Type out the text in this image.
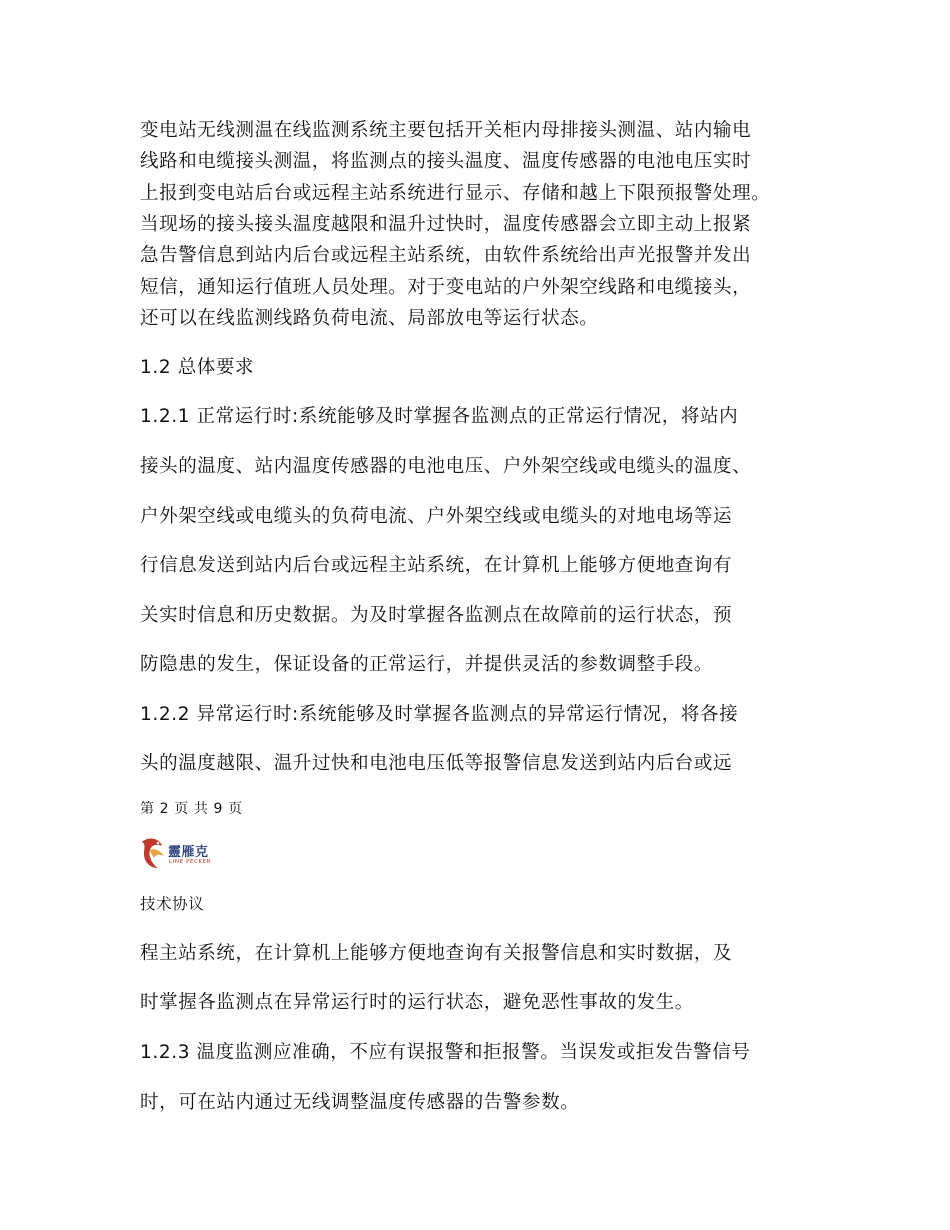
变电站无线测温在线监测系统主要包括开关柜内母排接头测温、站内输电
线路和电缆接头测温，将监测点的接头温度、温度传感器的电池电压实时
上报到变电站后台或远程主站系统进行显示、存储和越上下限预报警处理。
当现场的接头接头温度越限和温升过快时，温度传感器会立即主动上报紧
急告警信息到站内后台或远程主站系统，由软件系统给出声光报警并发出
短信，通知运行值班人员处理。对于变电站的户外架空线路和电缆接头，
还可以在线监测线路负荷电流、局部放电等运行状态。
1.2 总体要求
1.2.1 正常运行时:系统能够及时掌握各监测点的正常运行情况，将站内
接头的温度、站内温度传感器的电池电压、户外架空线或电缆头的温度、
户外架空线或电缆头的负荷电流、户外架空线或电缆头的对地电场等运
行信息发送到站内后台或远程主站系统，在计算机上能够方便地查询有
关实时信息和历史数据。为及时掌握各监测点在故障前的运行状态，预
防隐患的发生，保证设备的正常运行，并提供灵活的参数调整手段。
1.2.2 异常运行时:系统能够及时掌握各监测点的异常运行情况，将各接
头的温度越限、温升过快和电池电压低等报警信息发送到站内后台或远
第 2 页 共 9 页
靈雁克
LINE PECKER
技术协议
程主站系统，在计算机上能够方便地查询有关报警信息和实时数据，及
时掌握各监测点在异常运行时的运行状态，避免恶性事故的发生。
1.2.3 温度监测应准确，不应有误报警和拒报警。当误发或拒发告警信号
时，可在站内通过无线调整温度传感器的告警参数。
